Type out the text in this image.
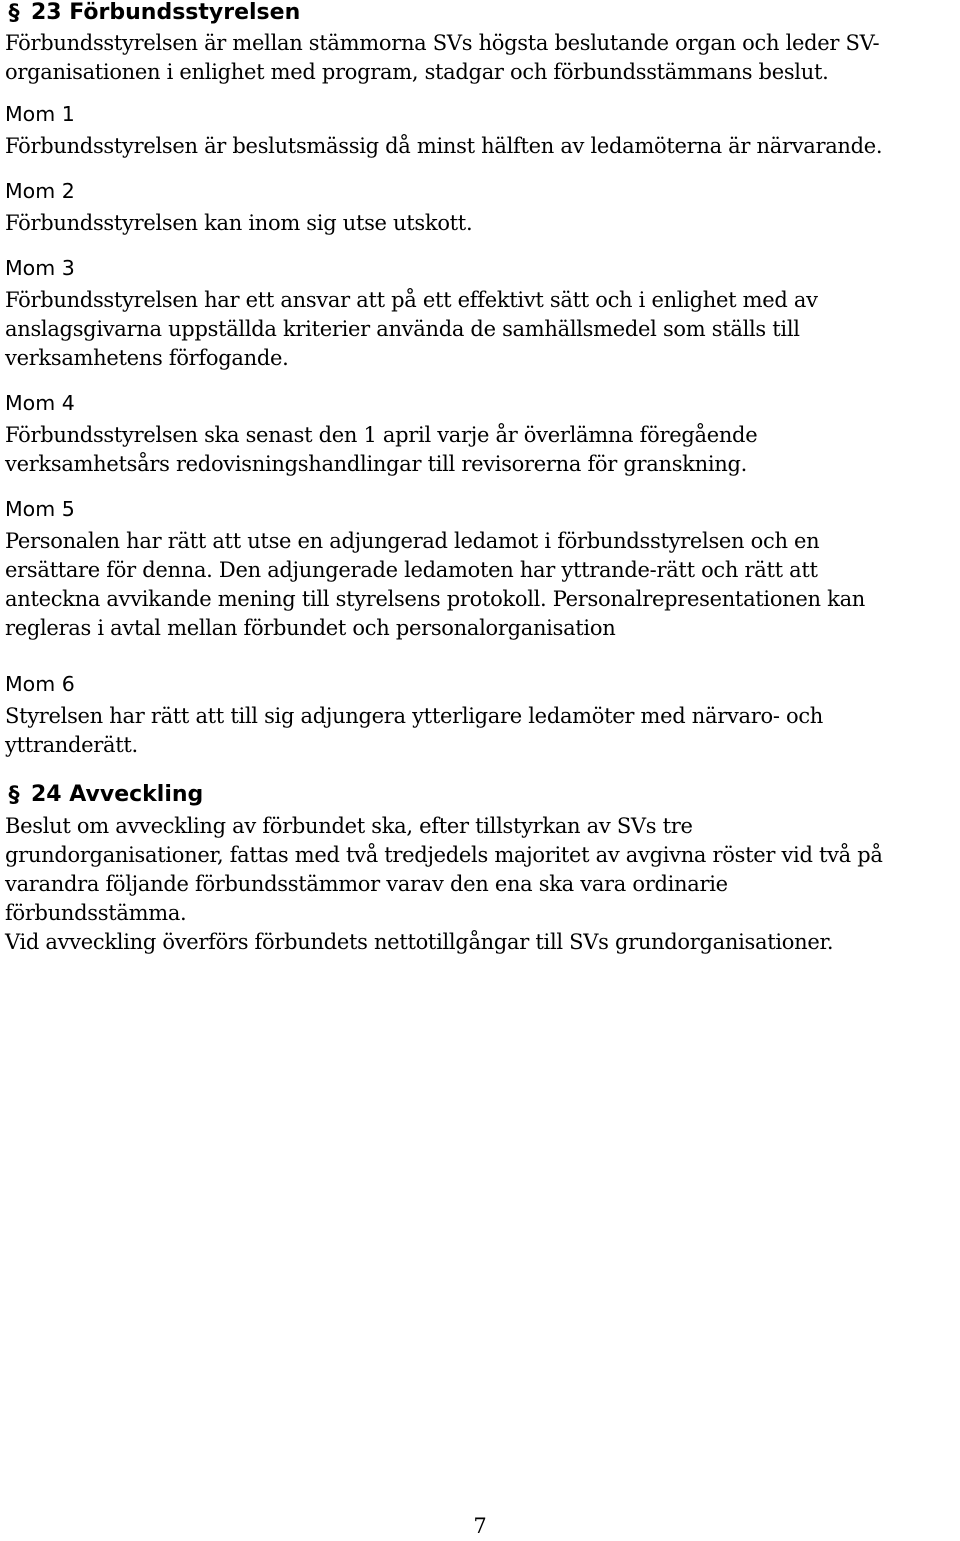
§ 23 Förbundsstyrelsen

Förbundsstyrelsen är mellan stämmorna SVs högsta beslutande organ och leder SV-
organisationen i enlighet med program, stadgar och förbundsstämmans beslut.

Mom 1

Förbundsstyrelsen är beslutsmässig då minst hälften av ledamöterna är närvarande.

Mom 2

Förbundsstyrelsen kan inom sig utse utskott.

Mom 3

Förbundsstyrelsen har ett ansvar att på ett effektivt sätt och i enlighet med av
anslagsgivarna uppställda kriterier använda de samhällsmedel som ställs till
verksamhetens förfogande.

Mom 4

Förbundsstyrelsen ska senast den 1 april varje år överlämna föregående
verksamhetsårs redovisningshandlingar till revisorerna för granskning.

Mom 5

Personalen har rätt att utse en adjungerad ledamot i förbundsstyrelsen och en
ersättare för denna. Den adjungerade ledamoten har yttrande-rätt och rätt att
anteckna avvikande mening till styrelsens protokoll. Personalrepresentationen kan
regleras i avtal mellan förbundet och personalorganisation

Mom 6

Styrelsen har rätt att till sig adjungera ytterligare ledamöter med närvaro- och
yttranderätt.

§ 24 Avveckling

Beslut om avveckling av förbundet ska, efter tillstyrkan av SVs tre
grundorganisationer, fattas med två tredjedels majoritet av avgivna röster vid två på
varandra följande förbundsstämmor varav den ena ska vara ordinarie
förbundsstämma.
Vid avveckling överförs förbundets nettotillgångar till SVs grundorganisationer.

7
